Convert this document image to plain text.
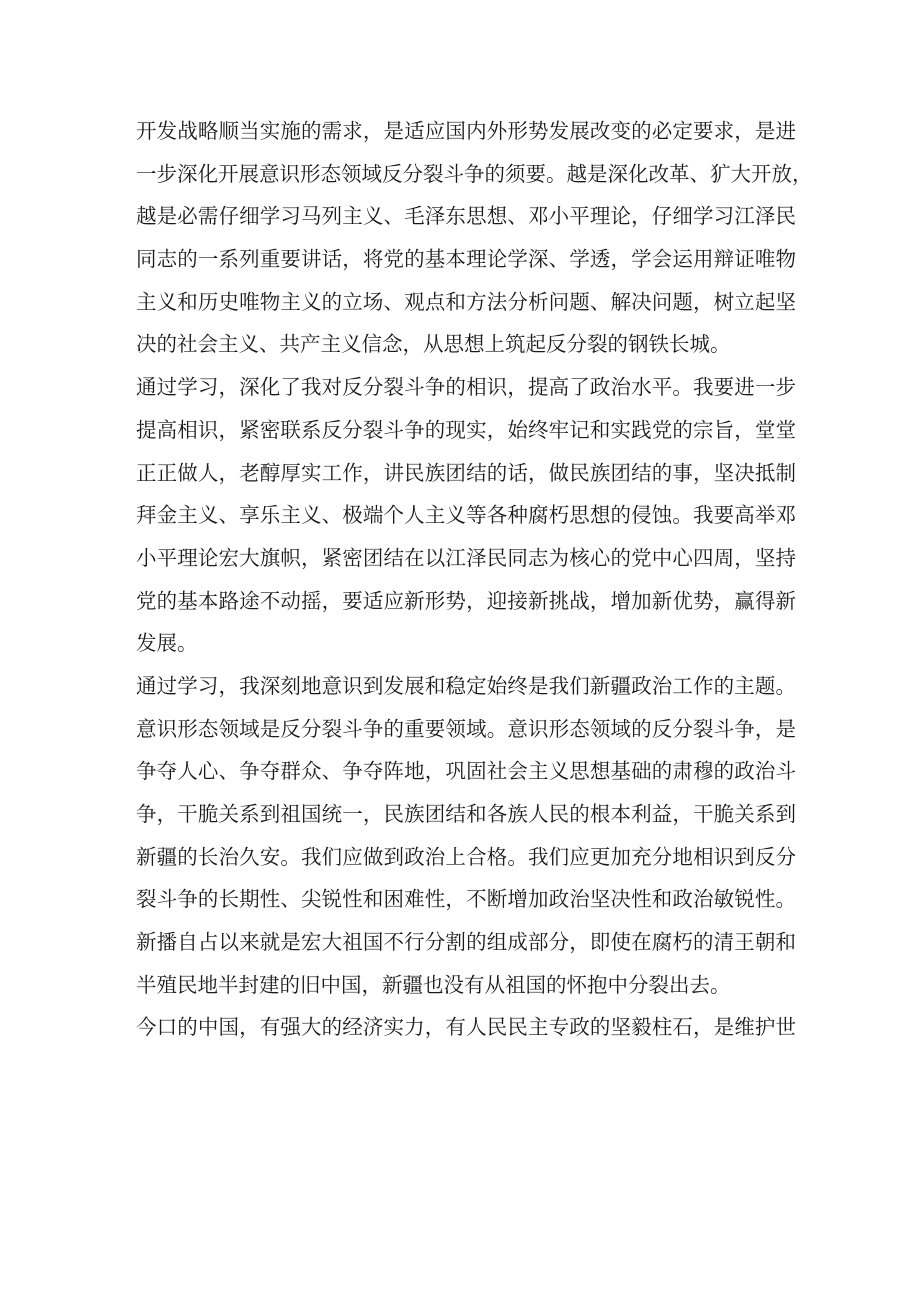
开发战略顺当实施的需求，是适应国内外形势发展改变的必定要求，是进
一步深化开展意识形态领域反分裂斗争的须要。越是深化改革、犷大开放，
越是必需仔细学习马列主义、毛泽东思想、邓小平理论，仔细学习江泽民
同志的一系列重要讲话，将党的基本理论学深、学透，学会运用辩证唯物
主义和历史唯物主义的立场、观点和方法分析问题、解决问题，树立起坚
决的社会主义、共产主义信念，从思想上筑起反分裂的钢铁长城。
通过学习，深化了我对反分裂斗争的相识，提高了政治水平。我要进一步
提高相识，紧密联系反分裂斗争的现实，始终牢记和实践党的宗旨，堂堂
正正做人，老醇厚实工作，讲民族团结的话，做民族团结的事，坚决抵制
拜金主义、享乐主义、极端个人主义等各种腐朽思想的侵蚀。我要高举邓
小平理论宏大旗帜，紧密团结在以江泽民同志为核心的党中心四周，坚持
党的基本路途不动摇，要适应新形势，迎接新挑战，增加新优势，赢得新
发展。
通过学习，我深刻地意识到发展和稳定始终是我们新疆政治工作的主题。
意识形态领域是反分裂斗争的重要领域。意识形态领域的反分裂斗争，是
争夺人心、争夺群众、争夺阵地，巩固社会主义思想基础的肃穆的政治斗
争，干脆关系到祖国统一，民族团结和各族人民的根本利益，干脆关系到
新疆的长治久安。我们应做到政治上合格。我们应更加充分地相识到反分
裂斗争的长期性、尖锐性和困难性，不断增加政治坚决性和政治敏锐性。
新播自占以来就是宏大祖国不行分割的组成部分，即使在腐朽的清王朝和
半殖民地半封建的旧中国，新疆也没有从祖国的怀抱中分裂出去。
今口的中国，有强大的经济实力，有人民民主专政的坚毅柱石，是维护世
